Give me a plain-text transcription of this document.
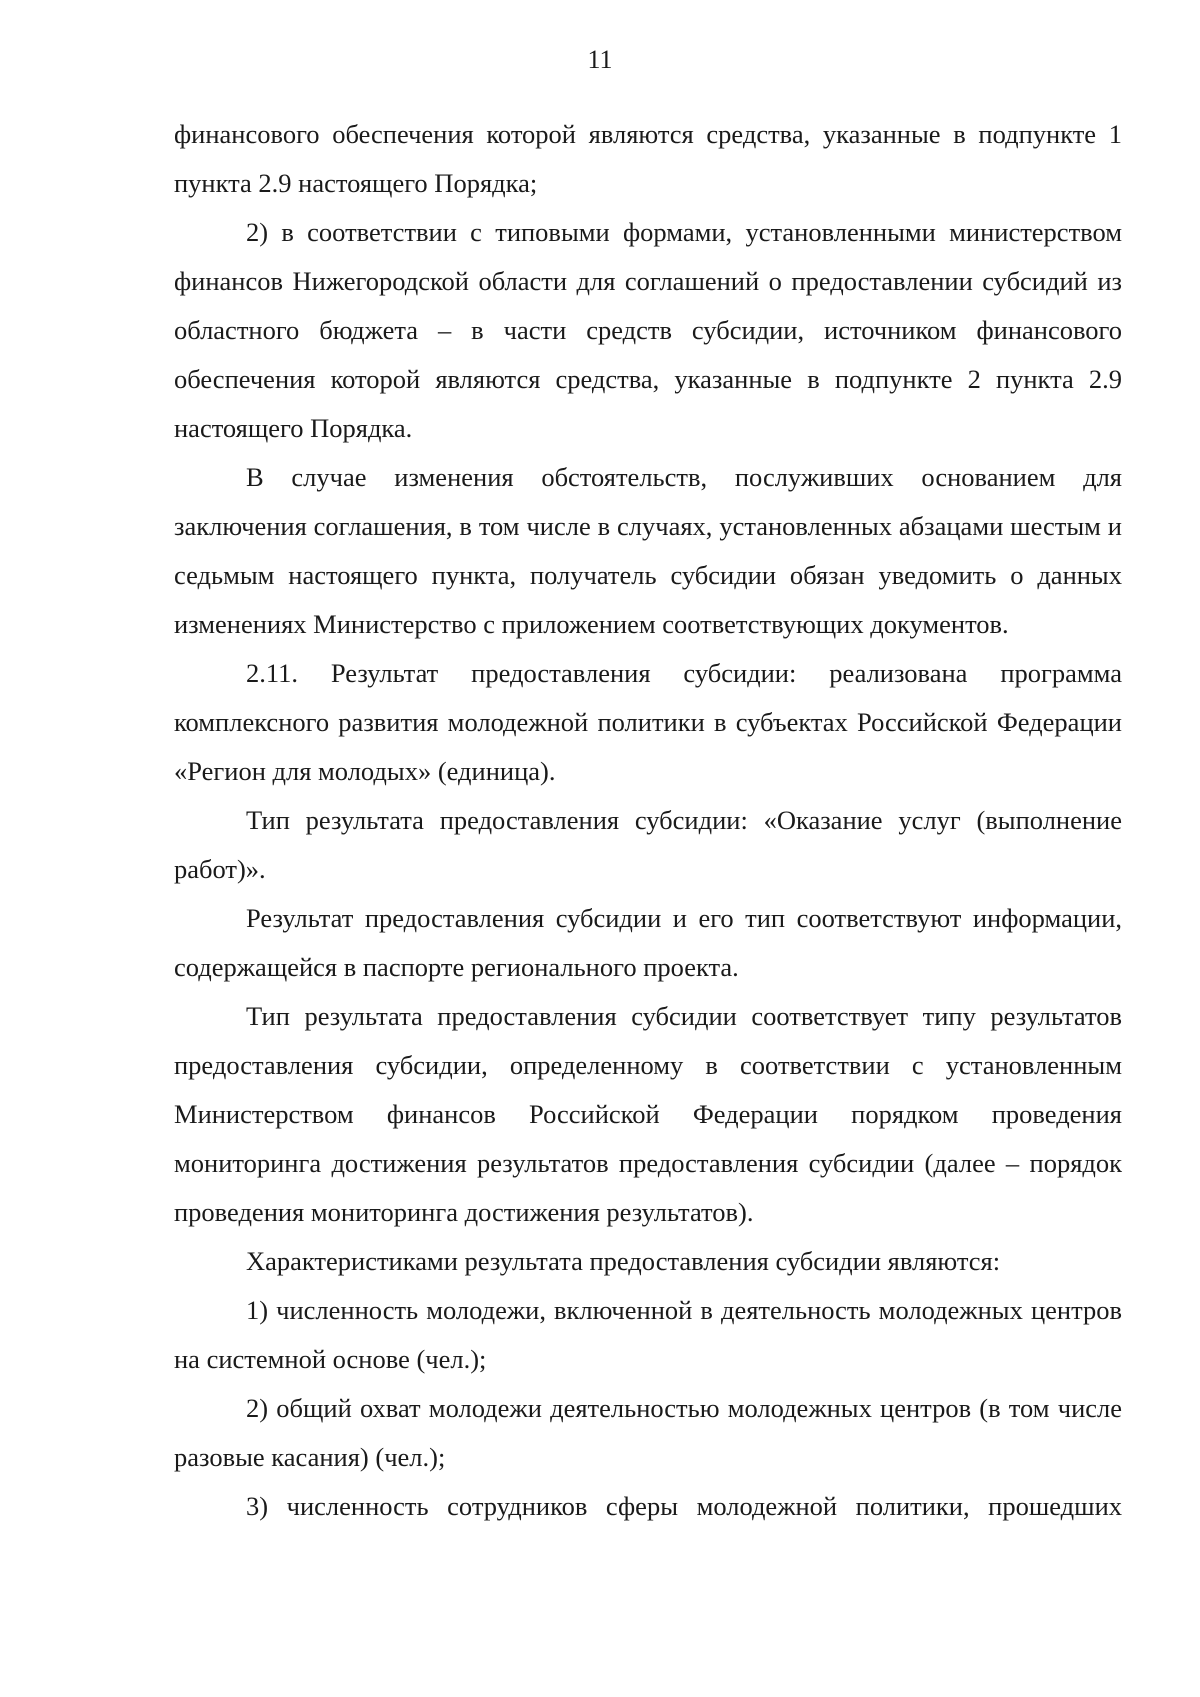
11

финансового обеспечения которой являются средства, указанные в подпункте 1 пункта 2.9 настоящего Порядка;

2) в соответствии с типовыми формами, установленными министерством финансов Нижегородской области для соглашений о предоставлении субсидий из областного бюджета – в части средств субсидии, источником финансового обеспечения которой являются средства, указанные в подпункте 2 пункта 2.9 настоящего Порядка.

В случае изменения обстоятельств, послуживших основанием для заключения соглашения, в том числе в случаях, установленных абзацами шестым и седьмым настоящего пункта, получатель субсидии обязан уведомить о данных изменениях Министерство с приложением соответствующих документов.

2.11. Результат предоставления субсидии: реализована программа комплексного развития молодежной политики в субъектах Российской Федерации «Регион для молодых» (единица).

Тип результата предоставления субсидии: «Оказание услуг (выполнение работ)».

Результат предоставления субсидии и его тип соответствуют информации, содержащейся в паспорте регионального проекта.

Тип результата предоставления субсидии соответствует типу результатов предоставления субсидии, определенному в соответствии с установленным Министерством финансов Российской Федерации порядком проведения мониторинга достижения результатов предоставления субсидии (далее – порядок проведения мониторинга достижения результатов).

Характеристиками результата предоставления субсидии являются:

1) численность молодежи, включенной в деятельность молодежных центров на системной основе (чел.);

2) общий охват молодежи деятельностью молодежных центров (в том числе разовые касания) (чел.);

3) численность сотрудников сферы молодежной политики, прошедших
